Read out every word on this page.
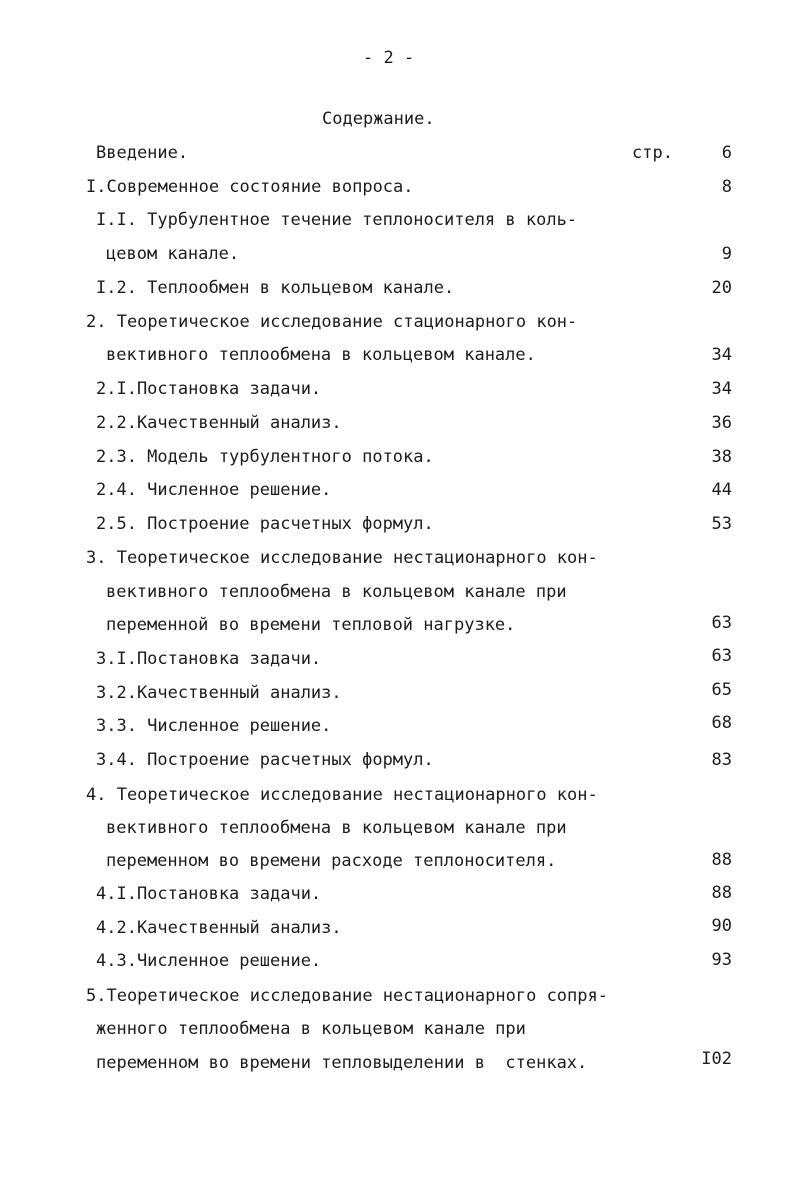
- 2 -
Содержание.
Введение.	стр.	6
I.Современное состояние вопроса.	8
I.I. Турбулентное течение теплоносителя в коль-
цевом канале.	9
I.2. Теплообмен в кольцевом канале.	20
2. Теоретическое исследование стационарного кон-
вективного теплообмена в кольцевом канале.	34
2.I.Постановка задачи.	34
2.2.Качественный анализ.	36
2.3. Модель турбулентного потока.	38
2.4. Численное решение.	44
2.5. Построение расчетных формул.	53
3. Теоретическое исследование нестационарного кон-
вективного теплообмена в кольцевом канале при
переменной во времени тепловой нагрузке.	63
3.I.Постановка задачи.	63
3.2.Качественный анализ.	65
3.3. Численное решение.	68
3.4. Построение расчетных формул.	83
4. Теоретическое исследование нестационарного кон-
вективного теплообмена в кольцевом канале при
переменном во времени расходе теплоносителя.	88
4.I.Постановка задачи.	88
4.2.Качественный анализ.	90
4.3.Численное решение.	93
5.Теоретическое исследование нестационарного сопря-
женного теплообмена в кольцевом канале при
переменном во времени тепловыделении в  стенках.	I02
